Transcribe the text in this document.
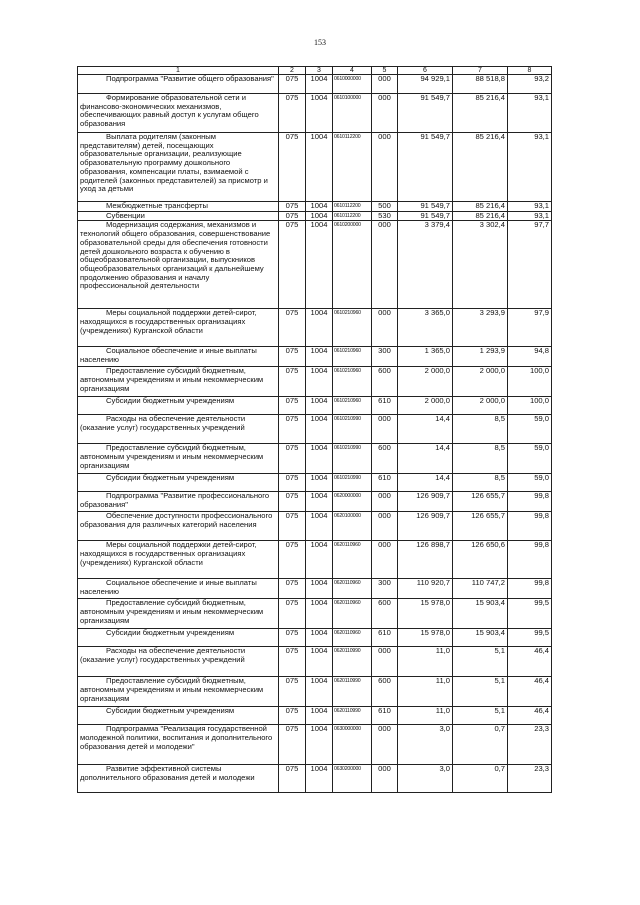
153
1	2	3	4	5	6	7	8
Подпрограмма "Развитие общего образования"	075	1004	0610000000	000	94 929,1	88 518,8	93,2
Формирование образовательной сети и финансово-экономических механизмов, обеспечивающих равный доступ к услугам общего образования	075	1004	0610100000	000	91 549,7	85 216,4	93,1
Выплата родителям (законным представителям) детей, посещающих образовательные организации, реализующие образовательную программу дошкольного образования, компенсации платы, взимаемой с родителей (законных представителей) за присмотр и уход за детьми	075	1004	0610112200	000	91 549,7	85 216,4	93,1
Межбюджетные трансферты	075	1004	0610112200	500	91 549,7	85 216,4	93,1
Субвенции	075	1004	0610112200	530	91 549,7	85 216,4	93,1
Модернизация содержания, механизмов и технологий общего образования, совершенствование образовательной среды для обеспечения готовности детей дошкольного возраста к обучению в общеобразовательной организации, выпускников общеобразовательных организаций к дальнейшему продолжению образования и началу профессиональной деятельности	075	1004	0610200000	000	3 379,4	3 302,4	97,7
Меры социальной поддержки детей-сирот, находящихся в государственных организациях (учреждениях) Курганской области	075	1004	0610210960	000	3 365,0	3 293,9	97,9
Социальное обеспечение и иные выплаты населению	075	1004	0610210960	300	1 365,0	1 293,9	94,8
Предоставление субсидий бюджетным, автономным учреждениям и иным некоммерческим организациям	075	1004	0610210960	600	2 000,0	2 000,0	100,0
Субсидии бюджетным учреждениям	075	1004	0610210960	610	2 000,0	2 000,0	100,0
Расходы на обеспечение деятельности (оказание услуг) государственных учреждений	075	1004	0610210990	000	14,4	8,5	59,0
Предоставление субсидий бюджетным, автономным учреждениям и иным некоммерческим организациям	075	1004	0610210990	600	14,4	8,5	59,0
Субсидии бюджетным учреждениям	075	1004	0610210990	610	14,4	8,5	59,0
Подпрограмма "Развитие профессионального образования"	075	1004	0620000000	000	126 909,7	126 655,7	99,8
Обеспечение доступности профессионального образования для различных категорий населения	075	1004	0620100000	000	126 909,7	126 655,7	99,8
Меры социальной поддержки детей-сирот, находящихся в государственных организациях (учреждениях) Курганской области	075	1004	0620110960	000	126 898,7	126 650,6	99,8
Социальное обеспечение и иные выплаты населению	075	1004	0620110960	300	110 920,7	110 747,2	99,8
Предоставление субсидий бюджетным, автономным учреждениям и иным некоммерческим организациям	075	1004	0620110960	600	15 978,0	15 903,4	99,5
Субсидии бюджетным учреждениям	075	1004	0620110960	610	15 978,0	15 903,4	99,5
Расходы на обеспечение деятельности (оказание услуг) государственных учреждений	075	1004	0620110990	000	11,0	5,1	46,4
Предоставление субсидий бюджетным, автономным учреждениям и иным некоммерческим организациям	075	1004	0620110990	600	11,0	5,1	46,4
Субсидии бюджетным учреждениям	075	1004	0620110990	610	11,0	5,1	46,4
Подпрограмма "Реализация государственной молодежной политики, воспитания и дополнительного образования детей и молодежи"	075	1004	0630000000	000	3,0	0,7	23,3
Развитие эффективной системы дополнительного образования детей и молодежи	075	1004	0630200000	000	3,0	0,7	23,3
